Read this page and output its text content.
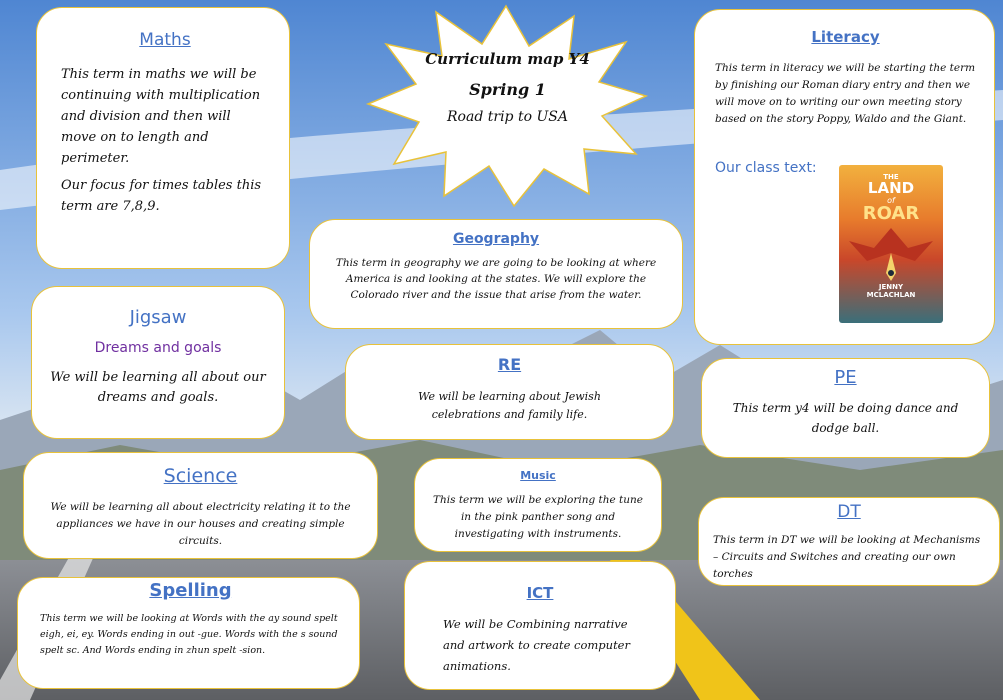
Curriculum map Y4
Spring 1
Road trip to USA
Maths

This term in maths we will be continuing with multiplication and division and then will move on to length and perimeter.

Our focus for times tables this term are 7,8,9.

Literacy

This term in literacy we will be starting the term by finishing our Roman diary entry and then we will move on to writing our own meeting story based on the story Poppy, Waldo and the Giant.

Our class text:
THE
LAND
of
ROAR
JENNY
MCLACHLAN
Geography

This term in geography we are going to be looking at where America is and looking at the states. We will explore the Colorado river and the issue that arise from the water.

Jigsaw
Dreams and goals

We will be learning all about our dreams and goals.

RE

We will be learning about Jewish celebrations and family life.

PE

This term y4 will be doing dance and dodge ball.

Science

We will be learning all about electricity relating it to the appliances we have in our houses and creating simple circuits.

Music

This term we will be exploring the tune in the pink panther song and investigating with instruments.

DT

This term in DT we will be looking at Mechanisms – Circuits and Switches and creating our own torches

Spelling

This term we will be looking at Words with the ay sound spelt eigh, ei, ey. Words ending in out -gue. Words with the s sound spelt sc. And Words ending in zhun spelt -sion.

ICT

We will be Combining narrative and artwork to create computer animations.
